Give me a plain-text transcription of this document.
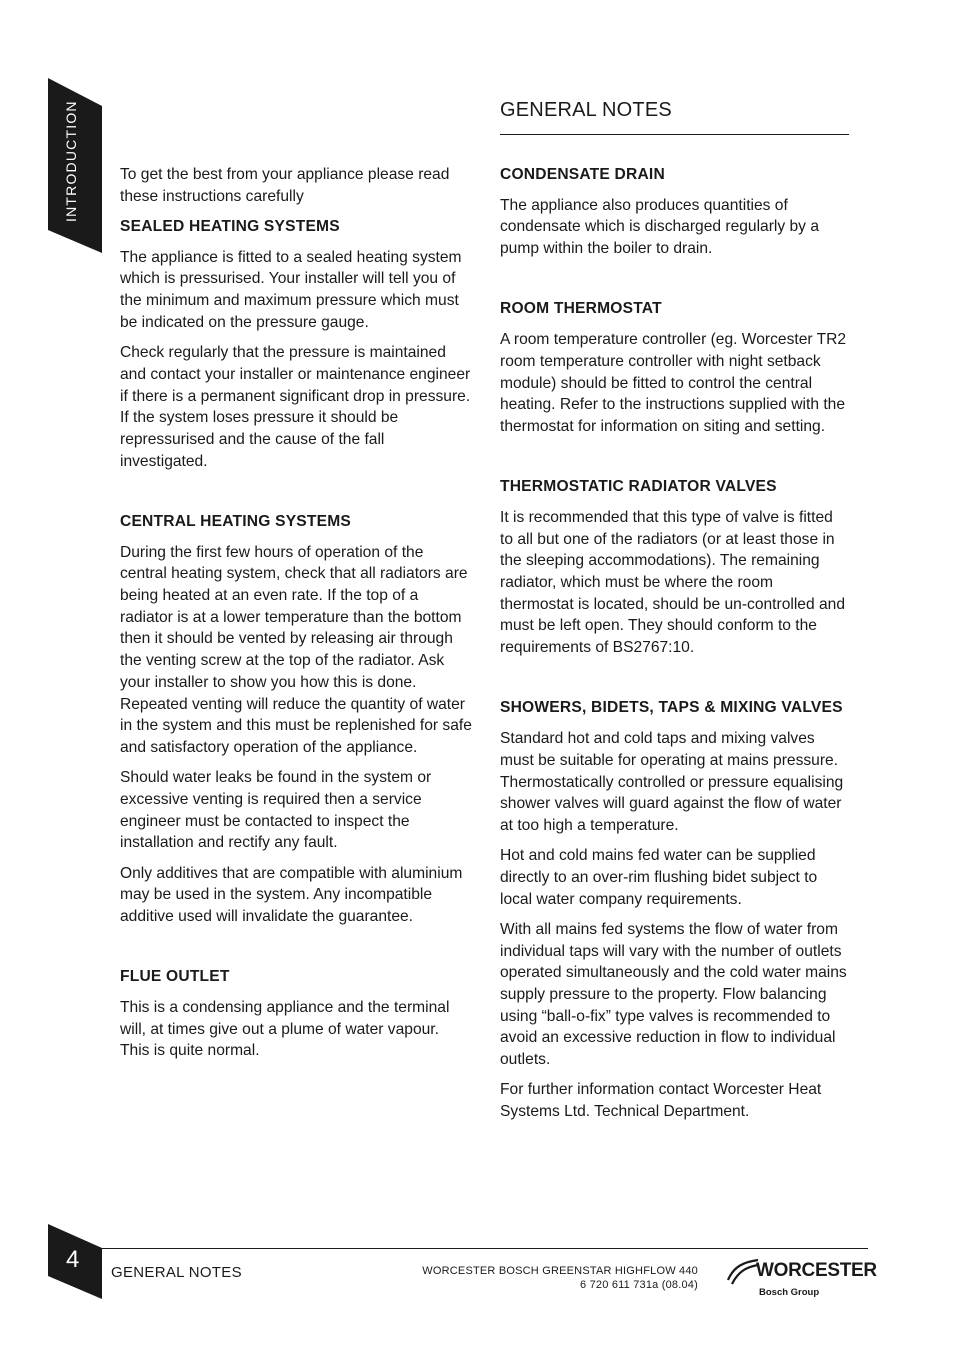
INTRODUCTION	GENERAL NOTES

To get the best from your appliance please read these instructions carefully

SEALED HEATING SYSTEMS

The appliance is fitted to a sealed heating system which is pressurised. Your installer will tell you of the minimum and maximum pressure which must be indicated on the pressure gauge.

Check regularly that the pressure is maintained and contact your installer or maintenance engineer if there is a permanent significant drop in pressure. If the system loses pressure it should be repressurised and the cause of the fall investigated.

CENTRAL HEATING SYSTEMS

During the first few hours of operation of the central heating system, check that all radiators are being heated at an even rate. If the top of a radiator is at a lower temperature than the bottom then it should be vented by releasing air through the venting screw at the top of the radiator. Ask your installer to show you how this is done. Repeated venting will reduce the quantity of water in the system and this must be replenished for safe and satisfactory operation of the appliance.

Should water leaks be found in the system or excessive venting is required then a service engineer must be contacted to inspect the installation and rectify any fault.

Only additives that are compatible with aluminium may be used in the system. Any incompatible additive used will invalidate the guarantee.

FLUE OUTLET

This is a condensing appliance and the terminal will, at times give out a plume of water vapour. This is quite normal.

CONDENSATE DRAIN

The appliance also produces quantities of condensate which is discharged regularly by a pump within the boiler to drain.

ROOM THERMOSTAT

A room temperature controller (eg. Worcester TR2 room temperature controller with night setback module) should be fitted to control the central heating. Refer to the instructions supplied with the thermostat for information on siting and setting.

THERMOSTATIC RADIATOR VALVES

It is recommended that this type of valve is fitted to all but one of the radiators (or at least those in the sleeping accommodations). The remaining radiator, which must be where the room thermostat is located, should be un-controlled and must be left open. They should conform to the requirements of BS2767:10.

SHOWERS, BIDETS, TAPS & MIXING VALVES

Standard hot and cold taps and mixing valves must be suitable for operating at mains pressure. Thermostatically controlled or pressure equalising shower valves will guard against the flow of water at too high a temperature.

Hot and cold mains fed water can be supplied directly to an over-rim flushing bidet subject to local water company requirements.

With all mains fed systems the flow of water from individual taps will vary with the number of outlets operated simultaneously and the cold water mains supply pressure to the property. Flow balancing using “ball-o-fix” type valves is recommended to avoid an excessive reduction in flow to individual outlets.

For further information contact Worcester Heat Systems Ltd. Technical Department.

4 GENERAL NOTES	WORCESTER BOSCH GREENSTAR HIGHFLOW 440
6 720 611 731a (08.04)
WORCESTER
Bosch Group
